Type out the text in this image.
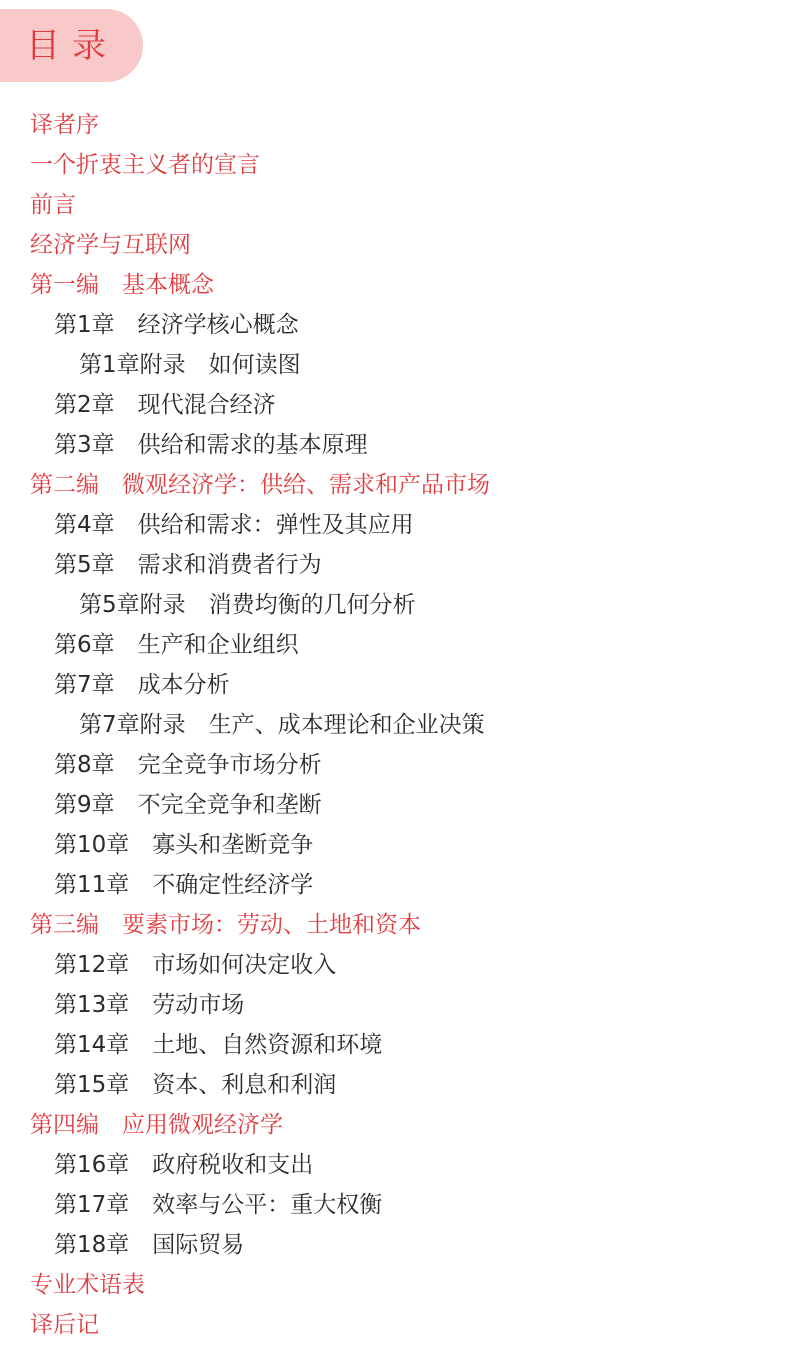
目录
译者序
一个折衷主义者的宣言
前言
经济学与互联网
第一编　基本概念
第1章　经济学核心概念
第1章附录　如何读图
第2章　现代混合经济
第3章　供给和需求的基本原理
第二编　微观经济学：供给、需求和产品市场
第4章　供给和需求：弹性及其应用
第5章　需求和消费者行为
第5章附录　消费均衡的几何分析
第6章　生产和企业组织
第7章　成本分析
第7章附录　生产、成本理论和企业决策
第8章　完全竞争市场分析
第9章　不完全竞争和垄断
第10章　寡头和垄断竞争
第11章　不确定性经济学
第三编　要素市场：劳动、土地和资本
第12章　市场如何决定收入
第13章　劳动市场
第14章　土地、自然资源和环境
第15章　资本、利息和利润
第四编　应用微观经济学
第16章　政府税收和支出
第17章　效率与公平：重大权衡
第18章　国际贸易
专业术语表
译后记
